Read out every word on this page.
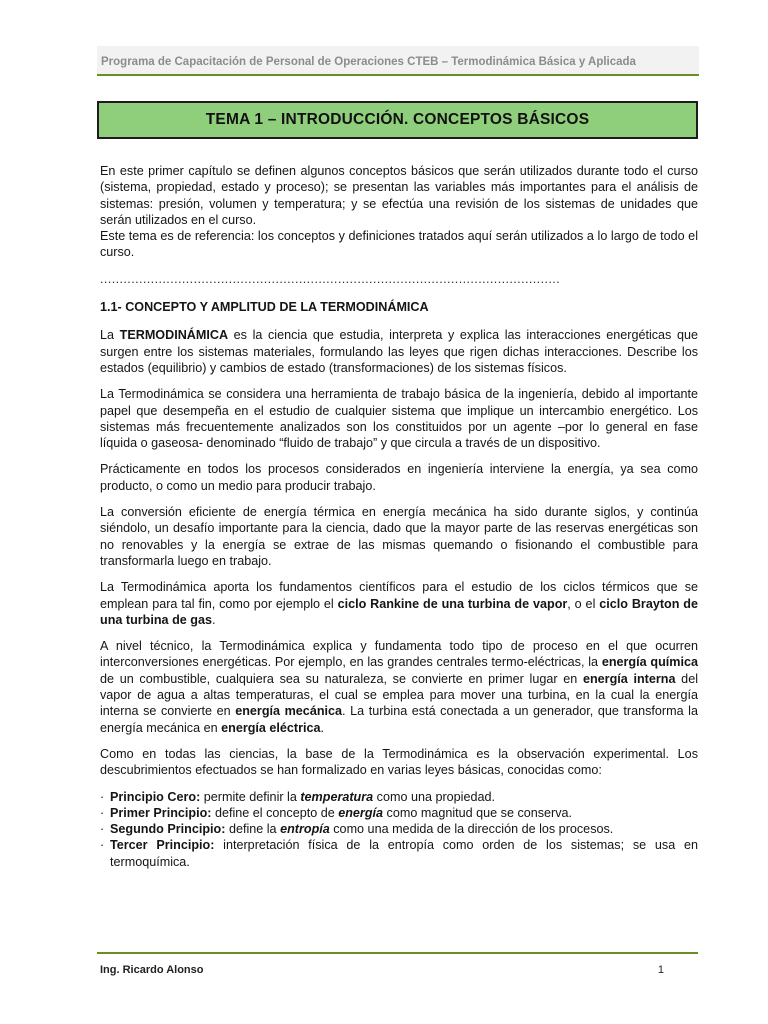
Programa de Capacitación de Personal de Operaciones CTEB – Termodinámica Básica y Aplicada
TEMA 1 – INTRODUCCIÓN. CONCEPTOS BÁSICOS

En este primer capítulo se definen algunos conceptos básicos que serán utilizados durante todo el curso (sistema, propiedad, estado y proceso); se presentan las variables más importantes para el análisis de sistemas: presión, volumen y temperatura; y se efectúa una revisión de los sistemas de unidades que serán utilizados en el curso.

Este tema es de referencia: los conceptos y definiciones tratados aquí serán utilizados a lo largo de todo el curso.

......................................................................................................................
1.1- CONCEPTO Y AMPLITUD DE LA TERMODINÁMICA

La TERMODINÁMICA es la ciencia que estudia, interpreta y explica las interacciones energéticas que surgen entre los sistemas materiales, formulando las leyes que rigen dichas interacciones. Describe los estados (equilibrio) y cambios de estado (transformaciones) de los sistemas físicos.

La Termodinámica se considera una herramienta de trabajo básica de la ingeniería, debido al importante papel que desempeña en el estudio de cualquier sistema que implique un intercambio energético. Los sistemas más frecuentemente analizados son los constituidos por un agente –por lo general en fase líquida o gaseosa- denominado “fluido de trabajo” y que circula a través de un dispositivo.

Prácticamente en todos los procesos considerados en ingeniería interviene la energía, ya sea como producto, o como un medio para producir trabajo.

La conversión eficiente de energía térmica en energía mecánica ha sido durante siglos, y continúa siéndolo, un desafío importante para la ciencia, dado que la mayor parte de las reservas energéticas son no renovables y la energía se extrae de las mismas quemando o fisionando el combustible para transformarla luego en trabajo.

La Termodinámica aporta los fundamentos científicos para el estudio de los ciclos térmicos que se emplean para tal fin, como por ejemplo el ciclo Rankine de una turbina de vapor, o el ciclo Brayton de una turbina de gas.

A nivel técnico, la Termodinámica explica y fundamenta todo tipo de proceso en el que ocurren interconversiones energéticas. Por ejemplo, en las grandes centrales termo-eléctricas, la energía química de un combustible, cualquiera sea su naturaleza, se convierte en primer lugar en energía interna del vapor de agua a altas temperaturas, el cual se emplea para mover una turbina, en la cual la energía interna se convierte en energía mecánica. La turbina está conectada a un generador, que transforma la energía mecánica en energía eléctrica.

Como en todas las ciencias, la base de la Termodinámica es la observación experimental. Los descubrimientos efectuados se han formalizado en varias leyes básicas, conocidas como:

· Principio Cero: permite definir la temperatura como una propiedad.
· Primer Principio: define el concepto de energía como magnitud que se conserva.
· Segundo Principio: define la entropía como una medida de la dirección de los procesos.
· Tercer Principio: interpretación física de la entropía como orden de los sistemas; se usa en termoquímica.
Ing. Ricardo Alonso	1
